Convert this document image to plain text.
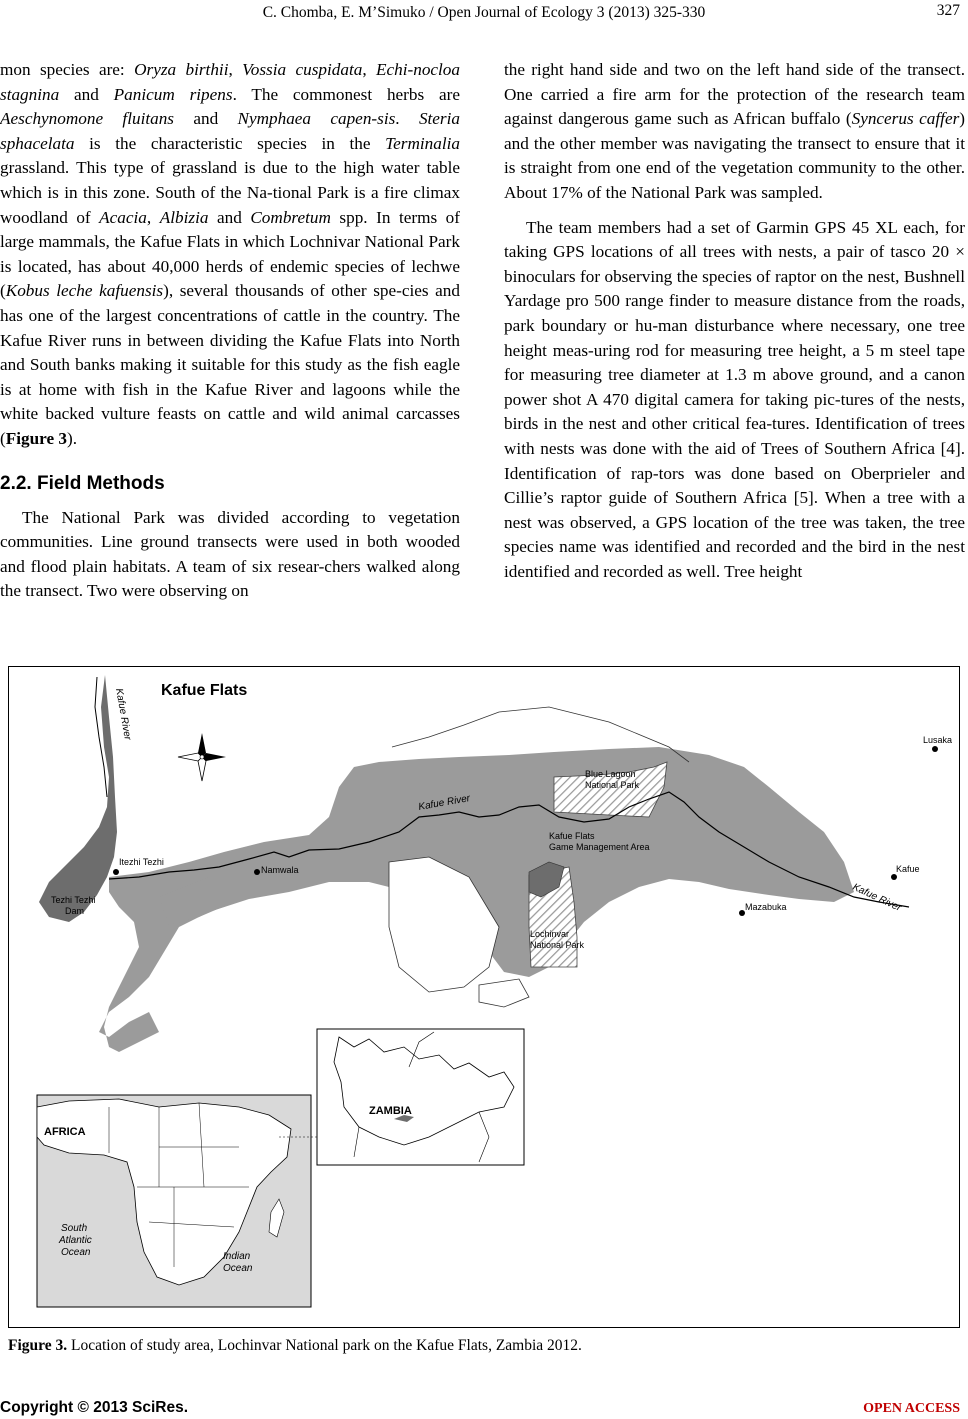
C. Chomba, E. M’Simuko / Open Journal of Ecology 3 (2013) 325-330	327

mon species are: Oryza birthii, Vossia cuspidata, Echi-nocloa stagnina and Panicum ripens. The commonest herbs are Aeschynomone fluitans and Nymphaea capen-sis. Steria sphacelata is the characteristic species in the Terminalia grassland. This type of grassland is due to the high water table which is in this zone. South of the Na-tional Park is a fire climax woodland of Acacia, Albizia and Combretum spp. In terms of large mammals, the Kafue Flats in which Lochnivar National Park is located, has about 40,000 herds of endemic species of lechwe (Kobus leche kafuensis), several thousands of other spe-cies and has one of the largest concentrations of cattle in the country. The Kafue River runs in between dividing the Kafue Flats into North and South banks making it suitable for this study as the fish eagle is at home with fish in the Kafue River and lagoons while the white backed vulture feasts on cattle and wild animal carcasses (Figure 3).

2.2. Field Methods

The National Park was divided according to vegetation communities. Line ground transects were used in both wooded and flood plain habitats. A team of six resear-chers walked along the transect. Two were observing on

the right hand side and two on the left hand side of the transect. One carried a fire arm for the protection of the research team against dangerous game such as African buffalo (Syncerus caffer) and the other member was navigating the transect to ensure that it is straight from one end of the vegetation community to the other. About 17% of the National Park was sampled.

The team members had a set of Garmin GPS 45 XL each, for taking GPS locations of all trees with nests, a pair of tasco 20 × binoculars for observing the species of raptor on the nest, Bushnell Yardage pro 500 range finder to measure distance from the roads, park boundary or hu-man disturbance where necessary, one tree height meas-uring rod for measuring tree height, a 5 m steel tape for measuring tree diameter at 1.3 m above ground, and a canon power shot A 470 digital camera for taking pic-tures of the nests, birds in the nest and other critical fea-tures. Identification of trees with nests was done with the aid of Trees of Southern Africa [4]. Identification of rap-tors was done based on Oberprieler and Cillie’s raptor guide of Southern Africa [5]. When a tree with a nest was observed, a GPS location of the tree was taken, the tree species name was identified and recorded and the bird in the nest identified and recorded as well. Tree height

Kafue Flats
Kafue River
Kafue River
Kafue River
Itezhi Tezhi
Tezhi Tezhi
Dam
Namwala
Blue Lagoon
National Park
Kafue Flats
Game Management Area
Lochinvar
National Park
Lusaka
Kafue
Mazabuka
ZAMBIA
AFRICA
South
Atlantic
Ocean	Indian
Ocean
Figure 3. Location of study area, Lochinvar National park on the Kafue Flats, Zambia 2012.
Copyright © 2013 SciRes.	OPEN ACCESS
